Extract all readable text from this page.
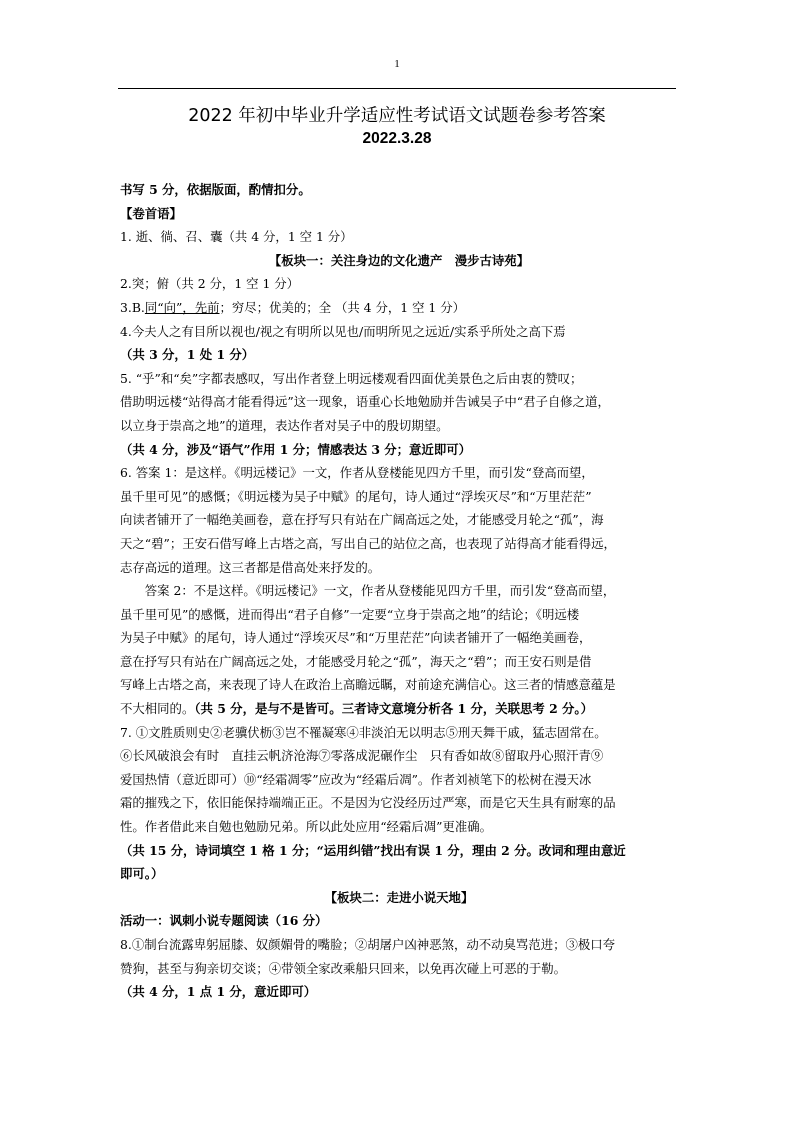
1
2022 年初中毕业升学适应性考试语文试题卷参考答案
2022.3.28

书写 5 分，依据版面，酌情扣分。

【卷首语】

1. 逝、徜、召、囊（共 4 分，1 空 1 分）

【板块一：关注身边的文化遗产　漫步古诗苑】

2.突；俯（共 2 分，1 空 1 分）

3.B.同“向”，先前；穷尽；优美的；全 （共 4 分，1 空 1 分）

4.今夫人之有目所以视也/视之有明所以见也/而明所见之远近/实系乎所处之高下焉

（共 3 分，1 处 1 分）

5. “乎”和“矣”字都表感叹，写出作者登上明远楼观看四面优美景色之后由衷的赞叹；

借助明远楼“站得高才能看得远”这一现象，语重心长地勉励并告诫吴子中“君子自修之道，

以立身于崇高之地”的道理，表达作者对吴子中的殷切期望。

（共 4 分，涉及“语气”作用 1 分；情感表达 3 分；意近即可）

6. 答案 1：是这样。《明远楼记》一文，作者从登楼能见四方千里，而引发“登高而望，

虽千里可见”的感慨；《明远楼为吴子中赋》的尾句，诗人通过“浮埃灭尽”和“万里茫茫”

向读者铺开了一幅绝美画卷，意在抒写只有站在广阔高远之处，才能感受月轮之“孤”，海

天之“碧”；王安石借写峰上古塔之高，写出自己的站位之高，也表现了站得高才能看得远，

志存高远的道理。这三者都是借高处来抒发的。

答案 2：不是这样。《明远楼记》一文，作者从登楼能见四方千里，而引发“登高而望，

虽千里可见”的感慨，进而得出“君子自修”一定要“立身于崇高之地”的结论；《明远楼

为吴子中赋》的尾句，诗人通过“浮埃灭尽”和“万里茫茫”向读者铺开了一幅绝美画卷，

意在抒写只有站在广阔高远之处，才能感受月轮之“孤”，海天之“碧”；而王安石则是借

写峰上古塔之高，来表现了诗人在政治上高瞻远瞩，对前途充满信心。这三者的情感意蕴是

不大相同的。（共 5 分，是与不是皆可。三者诗文意境分析各 1 分，关联思考 2 分。）

7. ①文胜质则史②老骥伏枥③岂不罹凝寒④非淡泊无以明志⑤刑天舞干戚，猛志固常在。

⑥长风破浪会有时　直挂云帆济沧海⑦零落成泥碾作尘　只有香如故⑧留取丹心照汗青⑨

爱国热情（意近即可）⑩“经霜凋零”应改为“经霜后凋”。作者刘祯笔下的松树在漫天冰

霜的摧残之下，依旧能保持端端正正。不是因为它没经历过严寒，而是它天生具有耐寒的品

性。作者借此来自勉也勉励兄弟。所以此处应用“经霜后凋”更准确。

（共 15 分，诗词填空 1 格 1 分；“运用纠错”找出有误 1 分，理由 2 分。改词和理由意近

即可。）

【板块二：走进小说天地】

活动一：讽刺小说专题阅读（16 分）

8.①制台流露卑躬屈膝、奴颜媚骨的嘴脸；②胡屠户凶神恶煞，动不动臭骂范进；③极口夸

赞狗，甚至与狗亲切交谈；④带领全家改乘船只回来，以免再次碰上可恶的于勒。

（共 4 分，1 点 1 分，意近即可）
